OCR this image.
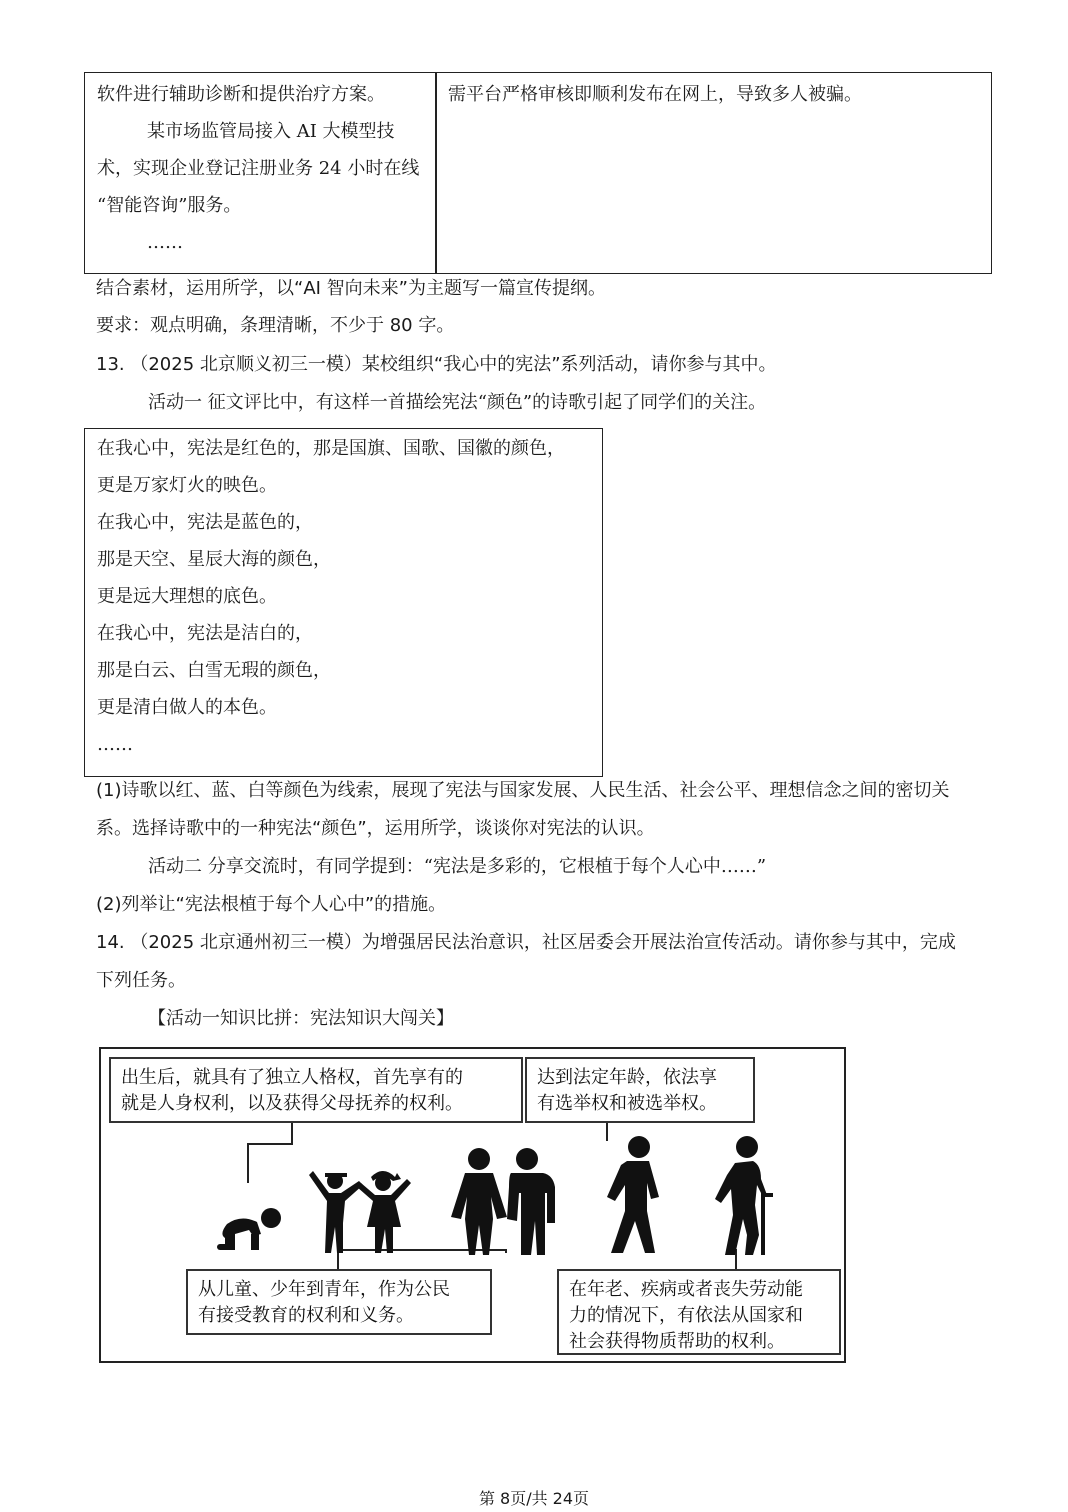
软件进行辅助诊断和提供治疗方案。
某市场监管局接入 AI 大模型技
术，实现企业登记注册业务 24 小时在线
“智能咨询”服务。
……
需平台严格审核即顺利发布在网上，导致多人被骗。
结合素材，运用所学，以“AI 智向未来”为主题写一篇宣传提纲。
要求：观点明确，条理清晰，不少于 80 字。
13. （2025 北京顺义初三一模）某校组织“我心中的宪法”系列活动，请你参与其中。
活动一 征文评比中，有这样一首描绘宪法“颜色”的诗歌引起了同学们的关注。
在我心中，宪法是红色的，那是国旗、国歌、国徽的颜色，
更是万家灯火的映色。
在我心中，宪法是蓝色的，
那是天空、星辰大海的颜色，
更是远大理想的底色。
在我心中，宪法是洁白的，
那是白云、白雪无瑕的颜色，
更是清白做人的本色。
……
(1)诗歌以红、蓝、白等颜色为线索，展现了宪法与国家发展、人民生活、社会公平、理想信念之间的密切关
系。选择诗歌中的一种宪法“颜色”，运用所学，谈谈你对宪法的认识。
活动二 分享交流时，有同学提到：“宪法是多彩的，它根植于每个人心中……”
(2)列举让“宪法根植于每个人心中”的措施。
14. （2025 北京通州初三一模）为增强居民法治意识，社区居委会开展法治宣传活动。请你参与其中，完成
下列任务。
【活动一知识比拼：宪法知识大闯关】
出生后，就具有了独立人格权，首先享有的
就是人身权利，以及获得父母抚养的权利。
达到法定年龄，依法享
有选举权和被选举权。
从儿童、少年到青年，作为公民
有接受教育的权利和义务。
在年老、疾病或者丧失劳动能
力的情况下，有依法从国家和
社会获得物质帮助的权利。
第 8页/共 24页
